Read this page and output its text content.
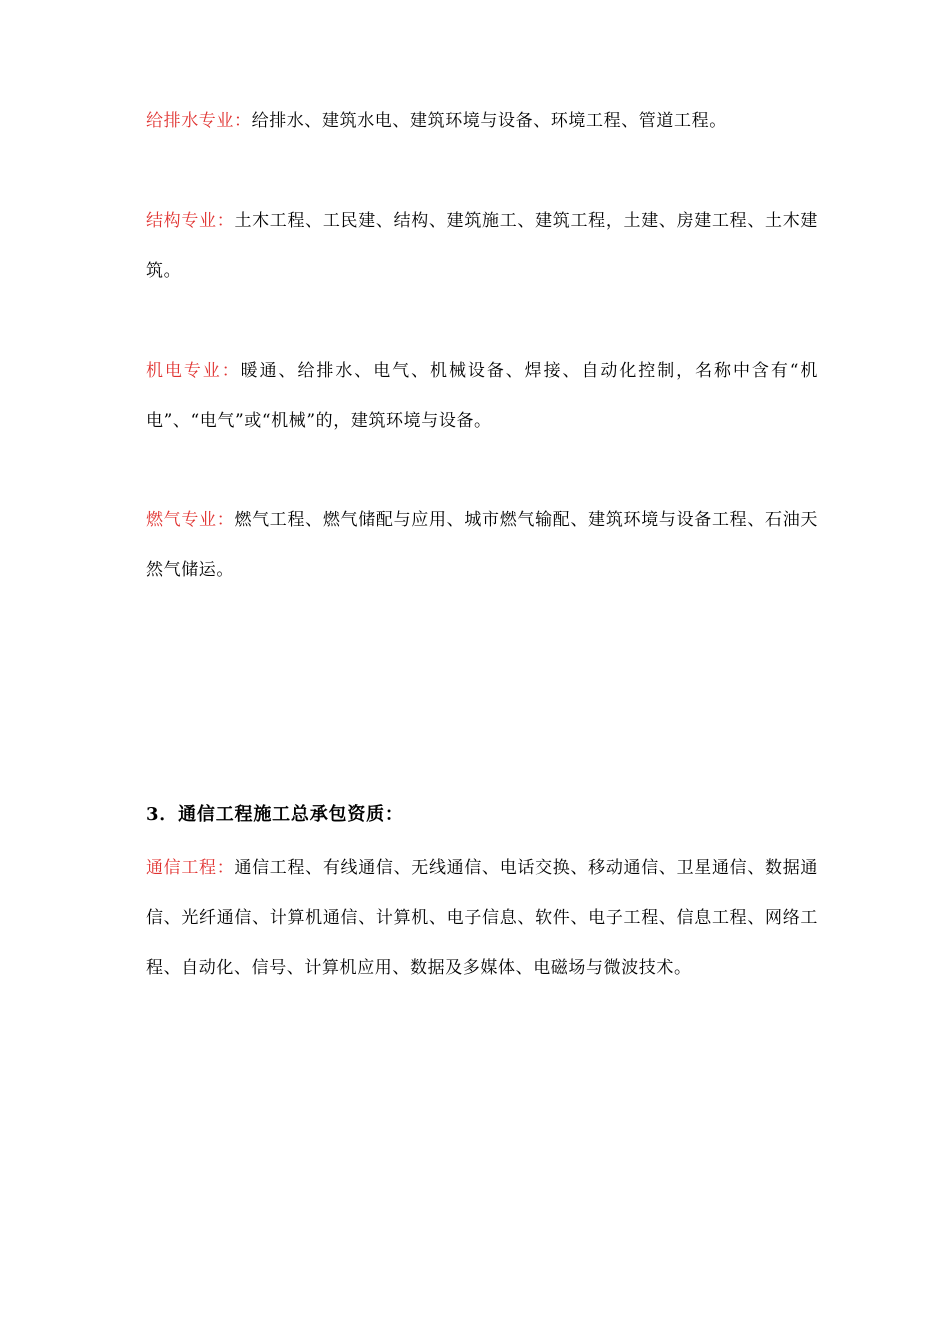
给排水专业：给排水、建筑水电、建筑环境与设备、环境工程、管道工程。

结构专业：土木工程、工民建、结构、建筑施工、建筑工程，土建、房建工程、土木建筑。

机电专业：暖通、给排水、电气、机械设备、焊接、自动化控制，名称中含有“机电”、“电气”或“机械”的，建筑环境与设备。

燃气专业：燃气工程、燃气储配与应用、城市燃气输配、建筑环境与设备工程、石油天然气储运。

3．通信工程施工总承包资质：

通信工程：通信工程、有线通信、无线通信、电话交换、移动通信、卫星通信、数据通信、光纤通信、计算机通信、计算机、电子信息、软件、电子工程、信息工程、网络工程、自动化、信号、计算机应用、数据及多媒体、电磁场与微波技术。
